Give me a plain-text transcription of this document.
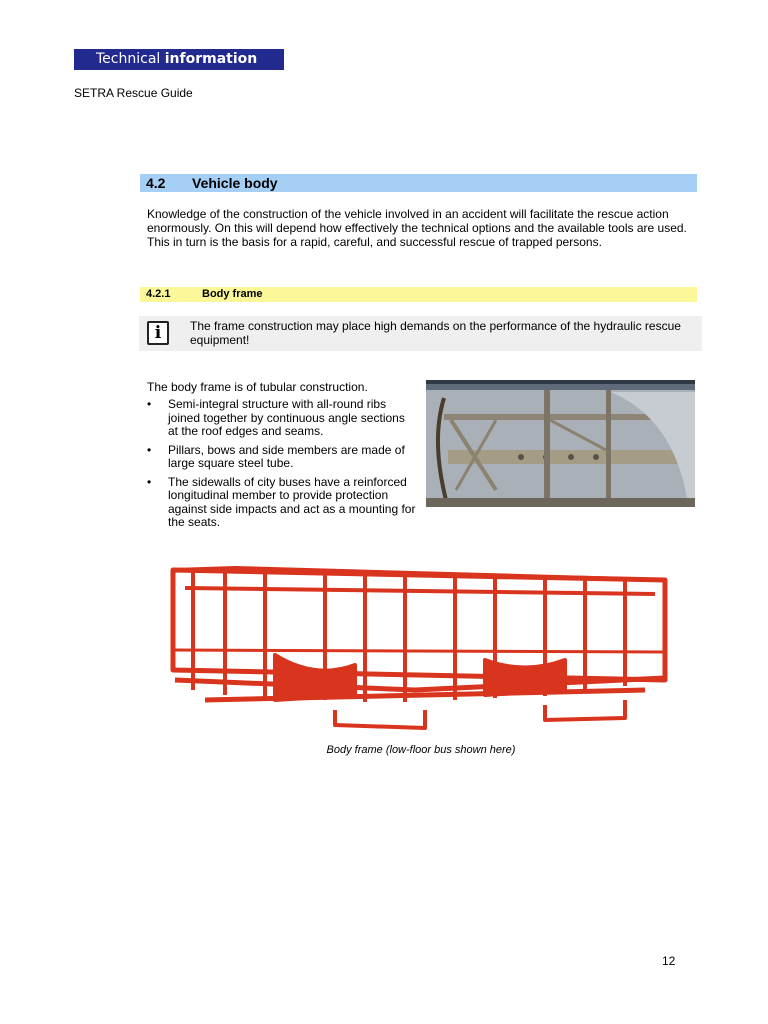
Technical information
SETRA Rescue Guide
4.2 Vehicle body
Knowledge of the construction of the vehicle involved in an accident will facilitate the rescue action enormously. On this will depend how effectively the technical options and the available tools are used. This in turn is the basis for a rapid, careful, and successful rescue of trapped persons.
4.2.1	Body frame
i	The frame construction may place high demands on the performance of the hydraulic rescue equipment!
The body frame is of tubular construction.
• Semi-integral structure with all-round ribs joined together by continuous angle sections at the roof edges and seams.
• Pillars, bows and side members are made of large square steel tube.
• The sidewalls of city buses have a reinforced longitudinal member to provide protection against side impacts and act as a mounting for the seats.
Body frame (low-floor bus shown here)
12
